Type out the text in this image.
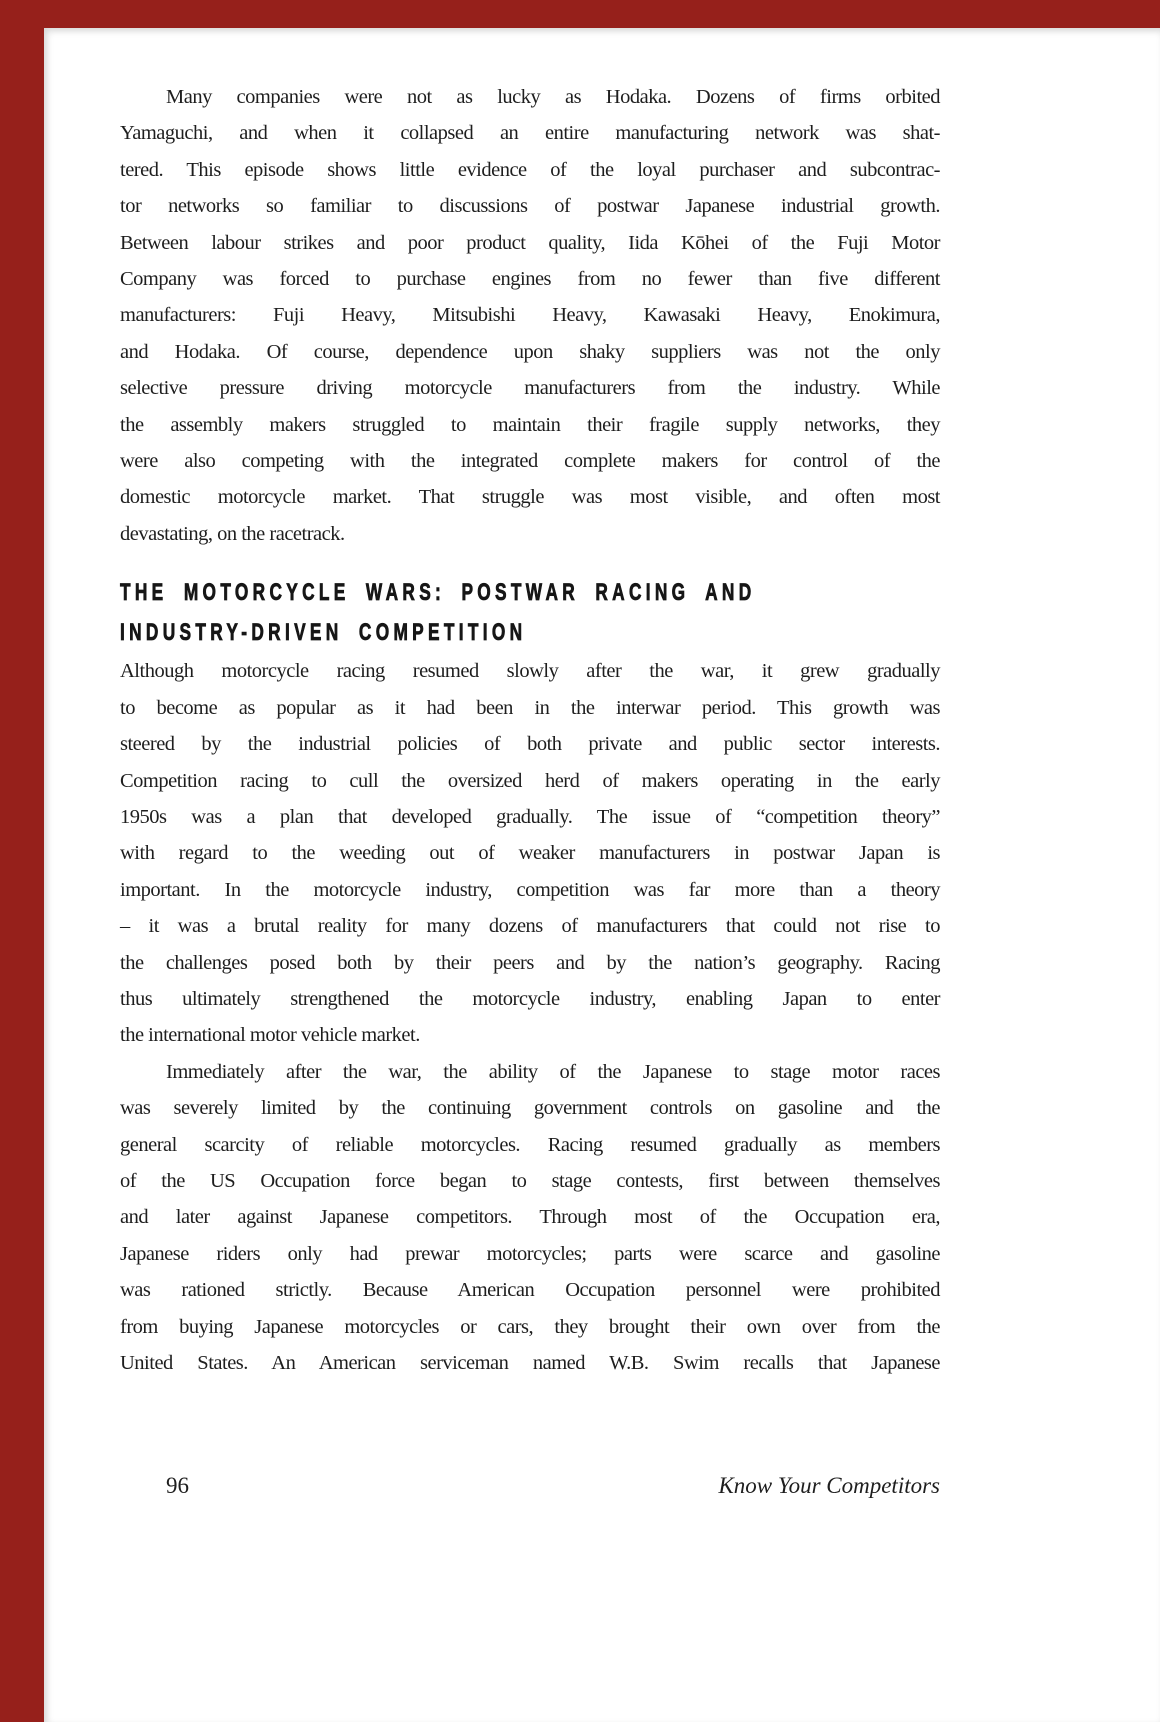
Many companies were not as lucky as Hodaka. Dozens of firms orbited
Yamaguchi, and when it collapsed an entire manufacturing network was shat-
tered. This episode shows little evidence of the loyal purchaser and subcontrac-
tor networks so familiar to discussions of postwar Japanese industrial growth.
Between labour strikes and poor product quality, Iida Kōhei of the Fuji Motor
Company was forced to purchase engines from no fewer than five different
manufacturers: Fuji Heavy, Mitsubishi Heavy, Kawasaki Heavy, Enokimura,
and Hodaka. Of course, dependence upon shaky suppliers was not the only
selective pressure driving motorcycle manufacturers from the industry. While
the assembly makers struggled to maintain their fragile supply networks, they
were also competing with the integrated complete makers for control of the
domestic motorcycle market. That struggle was most visible, and often most
devastating, on the racetrack.
THE MOTORCYCLE WARS: POSTWAR RACING AND
INDUSTRY-DRIVEN COMPETITION
Although motorcycle racing resumed slowly after the war, it grew gradually
to become as popular as it had been in the interwar period. This growth was
steered by the industrial policies of both private and public sector interests.
Competition racing to cull the oversized herd of makers operating in the early
1950s was a plan that developed gradually. The issue of “competition theory”
with regard to the weeding out of weaker manufacturers in postwar Japan is
important. In the motorcycle industry, competition was far more than a theory
– it was a brutal reality for many dozens of manufacturers that could not rise to
the challenges posed both by their peers and by the nation’s geography. Racing
thus ultimately strengthened the motorcycle industry, enabling Japan to enter
the international motor vehicle market.
Immediately after the war, the ability of the Japanese to stage motor races
was severely limited by the continuing government controls on gasoline and the
general scarcity of reliable motorcycles. Racing resumed gradually as members
of the US Occupation force began to stage contests, first between themselves
and later against Japanese competitors. Through most of the Occupation era,
Japanese riders only had prewar motorcycles; parts were scarce and gasoline
was rationed strictly. Because American Occupation personnel were prohibited
from buying Japanese motorcycles or cars, they brought their own over from the
United States. An American serviceman named W.B. Swim recalls that Japanese
96	Know Your Competitors
